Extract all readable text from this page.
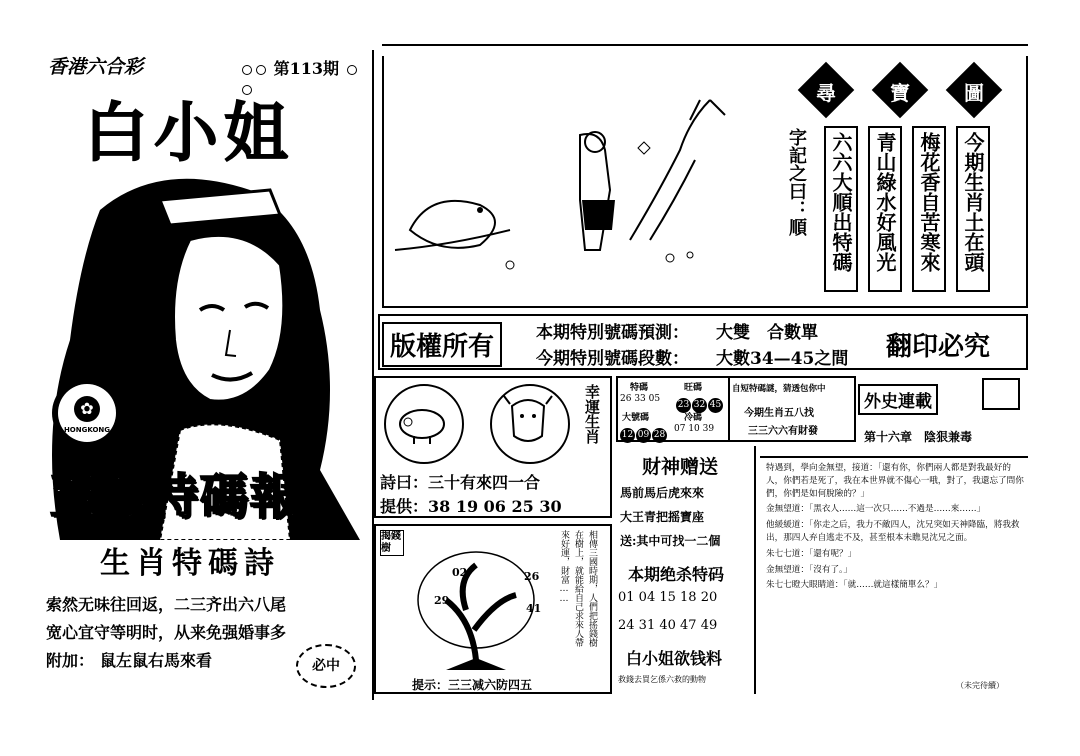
香港六合彩	第113期
白小姐
✿
HONGKONG
至尊特碼報
生肖特碼詩
索然无味往回返，二三齐出六八尾
宽心宜守等明时，从来免强婚事多
附加： 鼠左鼠右馬來看	必中
尋	寶	圖
字記之曰：順 六六大順出特碼 青山綠水好風光 梅花香自苦寒來 今期生肖土在頭
版權所有	本期特別號碼預測： 大雙　合數單
今期特別號碼段數： 大數34—45之間 翻印必究
幸運生肖
詩曰：三十有來四一合
提供：38 19 06 25 30
揭錢樹
02	26
29
41	相傳三國時期，人們把搖錢樹
在樹上，就能給自己求來人帶
來好運，財富……
提示：三三减六防四五
特碼
26 33 05
旺碼
23 32 45
大號碼
12 09 28
冷碼
07 10 39
自短特碼謎，猜透包你中
今期生肖五八找
三三六六有財發
财神赠送
馬前馬后虎來來
大王青把摇寶座
送:其中可找一二個
本期绝杀特码
01 04 15 18 20
24 31 40 47 49
白小姐欲钱料
救錢去買乞係六救的動物
外史連載
第十六章　陰狠兼毒

特遇到，學向金無望，接道：「還有你，你們兩人都是對我最好的人，你們若是死了，我在本世界就不傷心一哦，對了，我還忘了問你們，你們是如何脫險的？」

金無望道：「黑衣人……這一次只……不過是……來……」

他緩緩道：「你走之后，我力不敵四人，沈兄突如天神降臨，將我救出，那四人弃自逃走不及，甚至根本未瞧見沈兄之面。

朱七七道：「還有呢？」

金無望道：「沒有了。」

朱七七瞪大眼睛道：「就……就這樣簡單么？」

（未完待續）
